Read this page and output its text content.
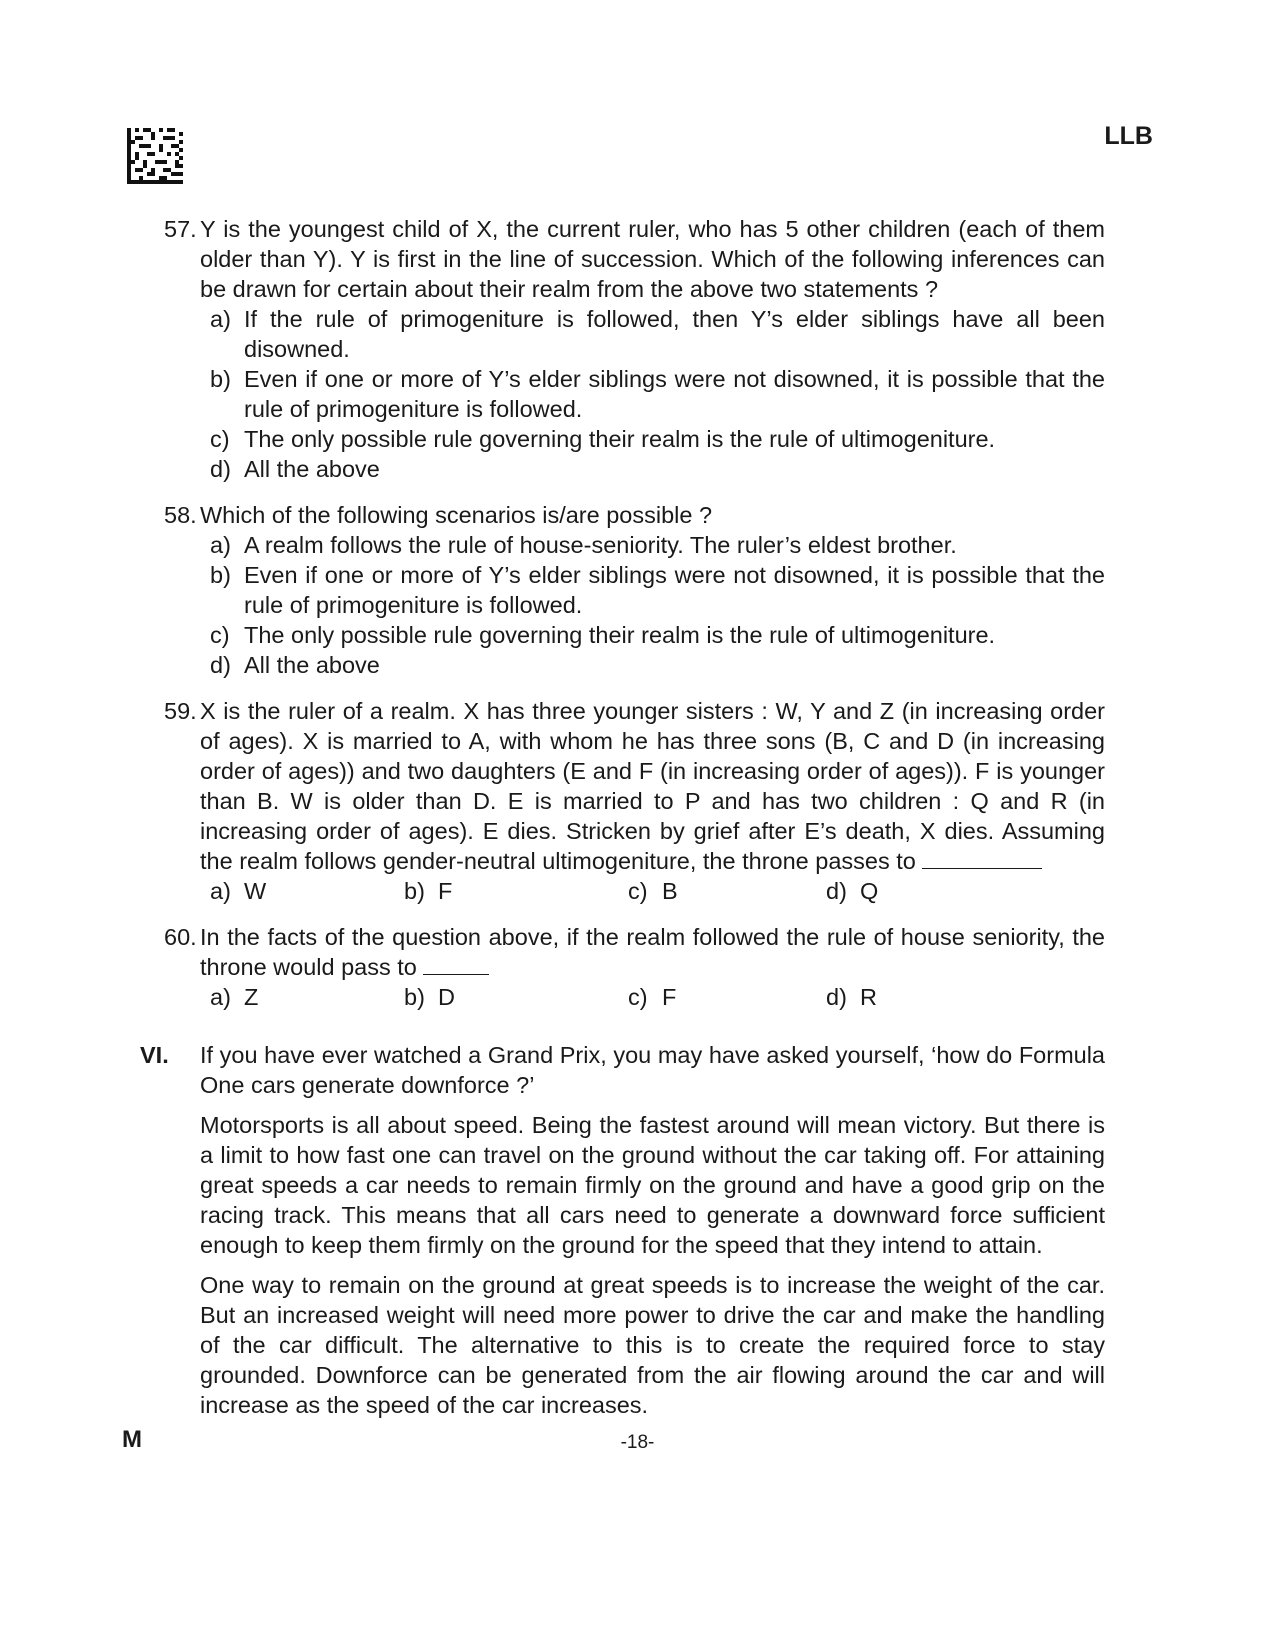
LLB
57. Y is the youngest child of X, the current ruler, who has 5 other children (each of them older than Y). Y is first in the line of succession. Which of the following inferences can be drawn for certain about their realm from the above two statements ?

a) If the rule of primogeniture is followed, then Y’s elder siblings have all been disowned.
b) Even if one or more of Y’s elder siblings were not disowned, it is possible that the rule of primogeniture is followed.
c) The only possible rule governing their realm is the rule of ultimogeniture.
d) All the above
58. Which of the following scenarios is/are possible ?

a) A realm follows the rule of house-seniority. The ruler’s eldest brother.
b) Even if one or more of Y’s elder siblings were not disowned, it is possible that the rule of primogeniture is followed.
c) The only possible rule governing their realm is the rule of ultimogeniture.
d) All the above
59. X is the ruler of a realm. X has three younger sisters : W, Y and Z (in increasing order of ages). X is married to A, with whom he has three sons (B, C and D (in increasing order of ages)) and two daughters (E and F (in increasing order of ages)). F is younger than B. W is older than D. E is married to P and has two children : Q and R (in increasing order of ages). E dies. Stricken by grief after E’s death, X dies. Assuming the realm follows gender-neutral ultimogeniture, the throne passes to

a) W	b) F	c) B	d) Q
60. In the facts of the question above, if the realm followed the rule of house seniority, the throne would pass to

a) Z	b) D	c) F	d) R
VI.	If you have ever watched a Grand Prix, you may have asked yourself, ‘how do Formula One cars generate downforce ?’

Motorsports is all about speed. Being the fastest around will mean victory. But there is a limit to how fast one can travel on the ground without the car taking off. For attaining great speeds a car needs to remain firmly on the ground and have a good grip on the racing track. This means that all cars need to generate a downward force sufficient enough to keep them firmly on the ground for the speed that they intend to attain.

One way to remain on the ground at great speeds is to increase the weight of the car. But an increased weight will need more power to drive the car and make the handling of the car difficult. The alternative to this is to create the required force to stay grounded. Downforce can be generated from the air flowing around the car and will increase as the speed of the car increases.

M	-18-
